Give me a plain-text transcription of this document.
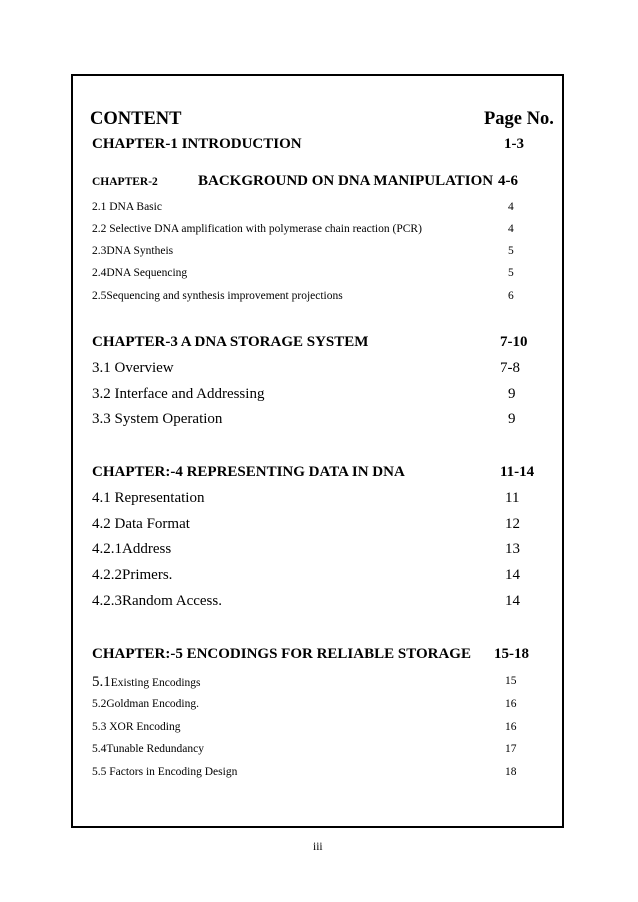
CONTENT	Page No.
CHAPTER-1 INTRODUCTION	1-3
CHAPTER-2	BACKGROUND ON DNA MANIPULATION 4-6
2.1 DNA Basic	4
2.2 Selective DNA amplification with polymerase chain reaction (PCR)	4
2.3DNA Syntheis	5
2.4DNA Sequencing	5
2.5Sequencing and synthesis improvement projections	6
CHAPTER-3 A DNA STORAGE SYSTEM	7-10
3.1 Overview	7-8
3.2 Interface and Addressing	9
3.3 System Operation	9
CHAPTER:-4 REPRESENTING DATA IN DNA	11-14
4.1 Representation	11
4.2 Data Format	12
4.2.1Address	13
4.2.2Primers.	14
4.2.3Random Access.	14
CHAPTER:-5 ENCODINGS FOR RELIABLE STORAGE 15-18
5.1Existing Encodings	15
5.2Goldman Encoding.	16
5.3 XOR Encoding	16
5.4Tunable Redundancy	17
5.5 Factors in Encoding Design	18
iii
